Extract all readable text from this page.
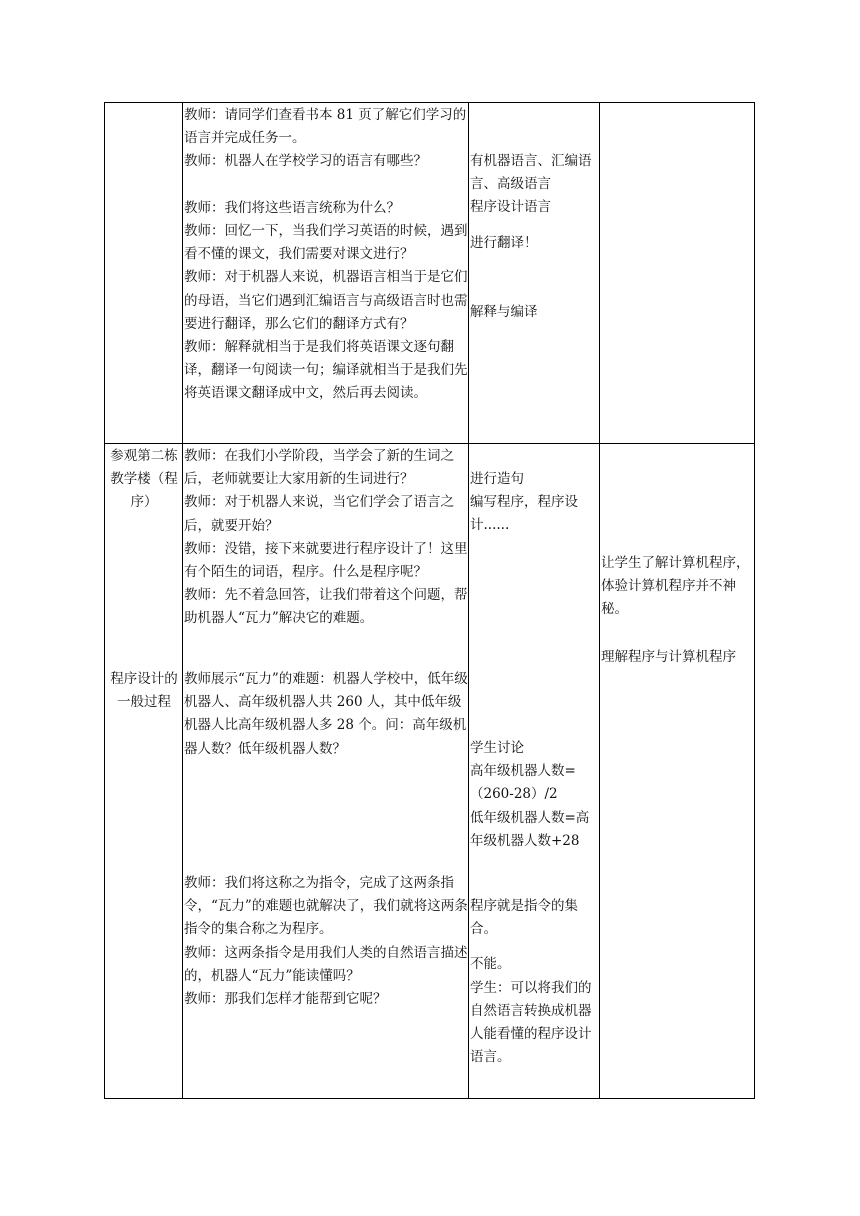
教师：请同学们查看书本 81 页了解它们学习的语言并完成任务一。

教师：机器人在学校学习的语言有哪些？

教师：我们将这些语言统称为什么？

教师：回忆一下，当我们学习英语的时候，遇到看不懂的课文，我们需要对课文进行？

教师：对于机器人来说，机器语言相当于是它们的母语，当它们遇到汇编语言与高级语言时也需要进行翻译，那么它们的翻译方式有？

教师：解释就相当于是我们将英语课文逐句翻译，翻译一句阅读一句；编译就相当于是我们先将英语课文翻译成中文，然后再去阅读。

有机器语言、汇编语言、高级语言

程序设计语言

进行翻译！

解释与编译

参观第二栋教学楼（程序）
程序设计的一般过程

教师：在我们小学阶段，当学会了新的生词之后，老师就要让大家用新的生词进行？

教师：对于机器人来说，当它们学会了语言之后，就要开始？

教师：没错，接下来就要进行程序设计了！这里有个陌生的词语，程序。什么是程序呢？

教师：先不着急回答，让我们带着这个问题，帮助机器人“瓦力”解决它的难题。

教师展示“瓦力”的难题：机器人学校中，低年级机器人、高年级机器人共 260 人，其中低年级机器人比高年级机器人多 28 个。问：高年级机器人数？低年级机器人数？

教师：我们将这称之为指令，完成了这两条指令，“瓦力”的难题也就解决了，我们就将这两条指令的集合称之为程序。

教师：这两条指令是用我们人类的自然语言描述的，机器人“瓦力”能读懂吗？

教师：那我们怎样才能帮到它呢？

进行造句

编写程序，程序设计......

学生讨论

高年级机器人数=（260-28）/2

低年级机器人数=高年级机器人数+28

程序就是指令的集合。

不能。

学生：可以将我们的自然语言转换成机器人能看懂的程序设计语言。

让学生了解计算机程序，体验计算机程序并不神秘。

理解程序与计算机程序
